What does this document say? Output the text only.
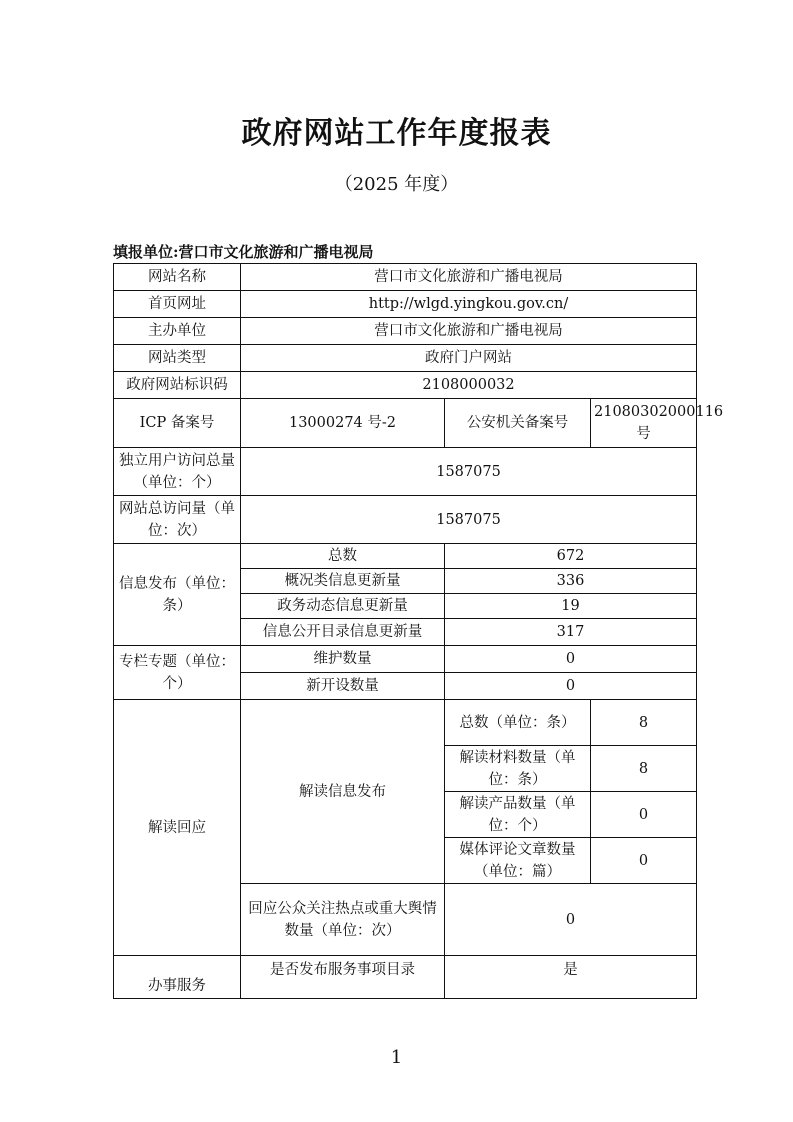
政府网站工作年度报表
（2025 年度）
填报单位:营口市文化旅游和广播电视局
网站名称	营口市文化旅游和广播电视局		
首页网址	http://wlgd.yingkou.gov.cn/		
主办单位	营口市文化旅游和广播电视局		
网站类型	政府门户网站		
政府网站标识码	2108000032		
ICP 备案号	13000274 号-2	公安机关备案号	21080302000116 号
独立用户访问总量（单位：个）	1587075		
网站总访问量（单位：次）	1587075		
信息发布（单位：条）	总数	672	
	概况类信息更新量	336	
	政务动态信息更新量	19	
	信息公开目录信息更新量	317	
专栏专题（单位：个）	维护数量	0	
	新开设数量	0	
解读回应	解读信息发布	总数（单位：条）	8
		解读材料数量（单位：条）	8
		解读产品数量（单位：个）	0
		媒体评论文章数量（单位：篇）	0
	回应公众关注热点或重大舆情数量（单位：次）	0	
办事服务	是否发布服务事项目录	是	
1
